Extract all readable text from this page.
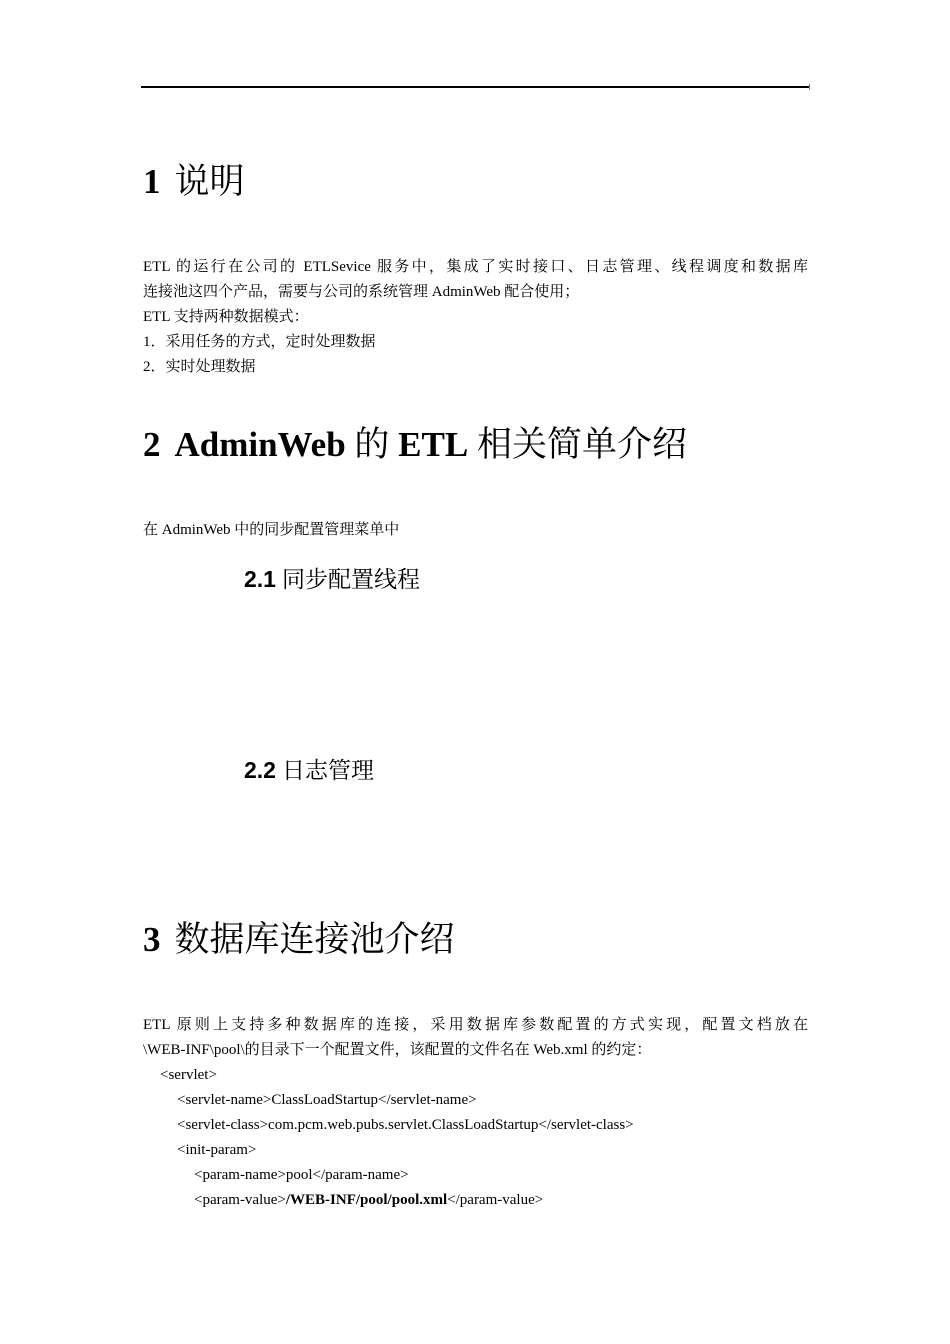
1 说明
ETL 的运行在公司的 ETLSevice 服务中，集成了实时接口、日志管理、线程调度和数据库
连接池这四个产品，需要与公司的系统管理 AdminWeb 配合使用；
ETL 支持两种数据模式：
1．采用任务的方式，定时处理数据
2．实时处理数据
2 AdminWeb 的 ETL 相关简单介绍
在 AdminWeb 中的同步配置管理菜单中
2.1 同步配置线程
2.2 日志管理
3 数据库连接池介绍
ETL 原则上支持多种数据库的连接，采用数据库参数配置的方式实现，配置文档放在
\WEB-INF\pool\的目录下一个配置文件，该配置的文件名在 Web.xml 的约定：
<servlet>
<servlet-name>ClassLoadStartup</servlet-name>
<servlet-class>com.pcm.web.pubs.servlet.ClassLoadStartup</servlet-class>
<init-param>
<param-name>pool</param-name>
<param-value>/WEB-INF/pool/pool.xml</param-value>
